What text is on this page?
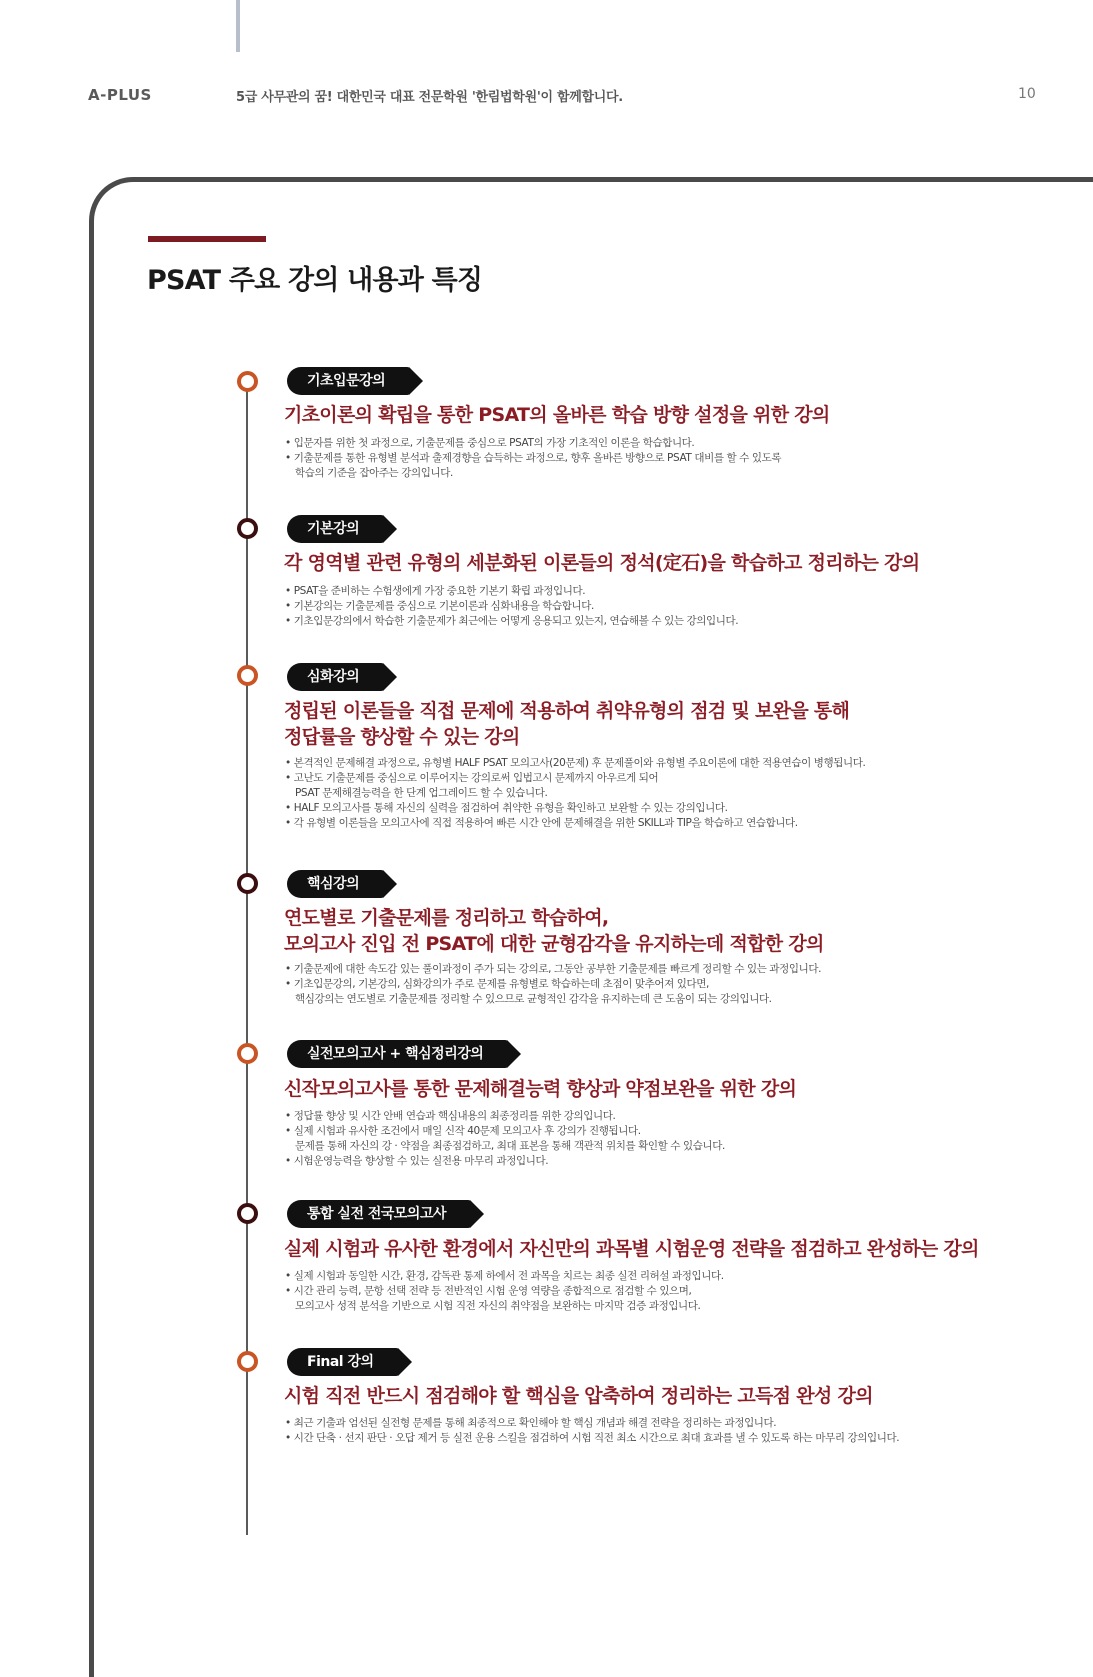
A-PLUS	5급 사무관의 꿈! 대한민국 대표 전문학원 '한림법학원'이 함께합니다.	10
PSAT 주요 강의 내용과 특징
기초입문강의
기초이론의 확립을 통한 PSAT의 올바른 학습 방향 설정을 위한 강의
• 입문자를 위한 첫 과정으로, 기출문제를 중심으로 PSAT의 가장 기초적인 이론을 학습합니다.
• 기출문제를 통한 유형별 분석과 출제경향을 습득하는 과정으로, 향후 올바른 방향으로 PSAT 대비를 할 수 있도록
학습의 기준을 잡아주는 강의입니다.
기본강의
각 영역별 관련 유형의 세분화된 이론들의 정석(定石)을 학습하고 정리하는 강의
• PSAT을 준비하는 수험생에게 가장 중요한 기본기 확립 과정입니다.
• 기본강의는 기출문제를 중심으로 기본이론과 심화내용을 학습합니다.
• 기초입문강의에서 학습한 기출문제가 최근에는 어떻게 응용되고 있는지, 연습해볼 수 있는 강의입니다.
심화강의
정립된 이론들을 직접 문제에 적용하여 취약유형의 점검 및 보완을 통해
정답률을 향상할 수 있는 강의
• 본격적인 문제해결 과정으로, 유형별 HALF PSAT 모의고사(20문제) 후 문제풀이와 유형별 주요이론에 대한 적용연습이 병행됩니다.
• 고난도 기출문제를 중심으로 이루어지는 강의로써 입법고시 문제까지 아우르게 되어
PSAT 문제해결능력을 한 단계 업그레이드 할 수 있습니다.
• HALF 모의고사를 통해 자신의 실력을 점검하여 취약한 유형을 확인하고 보완할 수 있는 강의입니다.
• 각 유형별 이론들을 모의고사에 직접 적용하여 빠른 시간 안에 문제해결을 위한 SKILL과 TIP을 학습하고 연습합니다.
핵심강의
연도별로 기출문제를 정리하고 학습하여,
모의고사 진입 전 PSAT에 대한 균형감각을 유지하는데 적합한 강의
• 기출문제에 대한 속도감 있는 풀이과정이 주가 되는 강의로, 그동안 공부한 기출문제를 빠르게 정리할 수 있는 과정입니다.
• 기초입문강의, 기본강의, 심화강의가 주로 문제를 유형별로 학습하는데 초점이 맞추어져 있다면,
핵심강의는 연도별로 기출문제를 정리할 수 있으므로 균형적인 감각을 유지하는데 큰 도움이 되는 강의입니다.
실전모의고사 + 핵심정리강의
신작모의고사를 통한 문제해결능력 향상과 약점보완을 위한 강의
• 정답률 향상 및 시간 안배 연습과 핵심내용의 최종정리를 위한 강의입니다.
• 실제 시험과 유사한 조건에서 매일 신작 40문제 모의고사 후 강의가 진행됩니다.
문제를 통해 자신의 강 · 약점을 최종점검하고, 최대 표본을 통해 객관적 위치를 확인할 수 있습니다.
• 시험운영능력을 향상할 수 있는 실전용 마무리 과정입니다.
통합 실전 전국모의고사
실제 시험과 유사한 환경에서 자신만의 과목별 시험운영 전략을 점검하고 완성하는 강의
• 실제 시험과 동일한 시간, 환경, 감독관 통제 하에서 전 과목을 치르는 최종 실전 리허설 과정입니다.
• 시간 관리 능력, 문항 선택 전략 등 전반적인 시험 운영 역량을 종합적으로 점검할 수 있으며,
모의고사 성적 분석을 기반으로 시험 직전 자신의 취약점을 보완하는 마지막 검증 과정입니다.
Final 강의
시험 직전 반드시 점검해야 할 핵심을 압축하여 정리하는 고득점 완성 강의
• 최근 기출과 엄선된 실전형 문제를 통해 최종적으로 확인해야 할 핵심 개념과 해결 전략을 정리하는 과정입니다.
• 시간 단축 · 선지 판단 · 오답 제거 등 실전 운용 스킬을 점검하여 시험 직전 최소 시간으로 최대 효과를 낼 수 있도록 하는 마무리 강의입니다.
